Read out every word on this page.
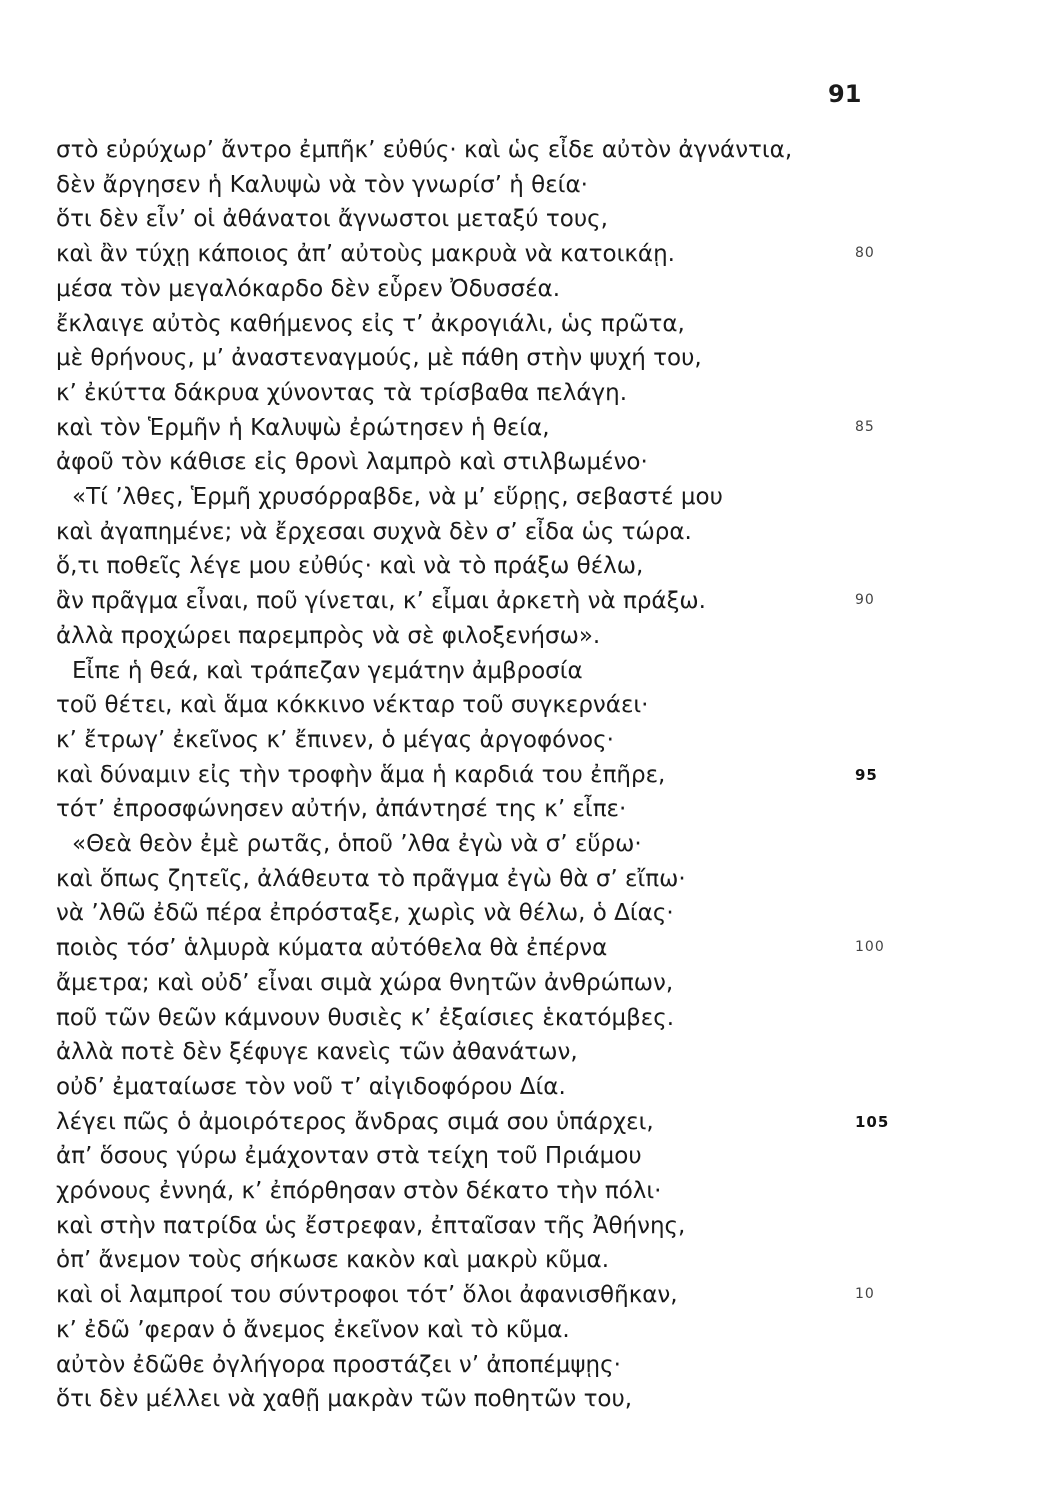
91
στὸ εὐρύχωρ’ ἄντρο ἐμπῆκ’ εὐθύς· καὶ ὡς εἶδε αὐτὸν ἀγνάντια,
δὲν ἄργησεν ἡ Καλυψὼ νὰ τὸν γνωρίσ’ ἡ θεία·
ὅτι δὲν εἶν’ οἱ ἀθάνατοι ἄγνωστοι μεταξύ τους,
καὶ ἂν τύχῃ κάποιος ἀπ’ αὐτοὺς μακρυὰ νὰ κατοικάῃ.	80
μέσα τὸν μεγαλόκαρδο δὲν εὗρεν Ὀδυσσέα.
ἔκλαιγε αὐτὸς καθήμενος εἰς τ’ ἀκρογιάλι, ὡς πρῶτα,
μὲ θρήνους, μ’ ἀναστεναγμούς, μὲ πάθη στὴν ψυχή του,
κ’ ἐκύττα δάκρυα χύνοντας τὰ τρίσβαθα πελάγη.
καὶ τὸν Ἑρμῆν ἡ Καλυψὼ ἐρώτησεν ἡ θεία,	85
ἀφοῦ τὸν κάθισε εἰς θρονὶ λαμπρὸ καὶ στιλβωμένο·
«Τί ’λθες, Ἑρμῆ χρυσόρραβδε, νὰ μ’ εὕρῃς, σεβαστέ μου
καὶ ἀγαπημένε; νὰ ἔρχεσαι συχνὰ δὲν σ’ εἶδα ὡς τώρα.
ὅ,τι ποθεῖς λέγε μου εὐθύς· καὶ νὰ τὸ πράξω θέλω,
ἂν πρᾶγμα εἶναι, ποῦ γίνεται, κ’ εἶμαι ἀρκετὴ νὰ πράξω.	90
ἀλλὰ προχώρει παρεμπρὸς νὰ σὲ φιλοξενήσω».
Εἶπε ἡ θεά, καὶ τράπεζαν γεμάτην ἀμβροσία
τοῦ θέτει, καὶ ἅμα κόκκινο νέκταρ τοῦ συγκερνάει·
κ’ ἔτρωγ’ ἐκεῖνος κ’ ἔπινεν, ὁ μέγας ἀργοφόνος·
καὶ δύναμιν εἰς τὴν τροφὴν ἅμα ἡ καρδιά του ἐπῆρε,	95
τότ’ ἐπροσφώνησεν αὐτήν, ἀπάντησέ της κ’ εἶπε·
«Θεὰ θεὸν ἐμὲ ρωτᾶς, ὁποῦ ’λθα ἐγὼ νὰ σ’ εὕρω·
καὶ ὅπως ζητεῖς, ἀλάθευτα τὸ πρᾶγμα ἐγὼ θὰ σ’ εἴπω·
νὰ ’λθῶ ἐδῶ πέρα ἐπρόσταξε, χωρὶς νὰ θέλω, ὁ Δίας·
ποιὸς τόσ’ ἁλμυρὰ κύματα αὐτόθελα θὰ ἐπέρνα	100
ἄμετρα; καὶ οὐδ’ εἶναι σιμὰ χώρα θνητῶν ἀνθρώπων,
ποῦ τῶν θεῶν κάμνουν θυσιὲς κ’ ἐξαίσιες ἑκατόμβες.
ἀλλὰ ποτὲ δὲν ξέφυγε κανεὶς τῶν ἀθανάτων,
οὐδ’ ἐματαίωσε τὸν νοῦ τ’ αἰγιδοφόρου Δία.
λέγει πῶς ὁ ἀμοιρότερος ἄνδρας σιμά σου ὑπάρχει,	105
ἀπ’ ὅσους γύρω ἐμάχονταν στὰ τείχη τοῦ Πριάμου
χρόνους ἐννηά, κ’ ἐπόρθησαν στὸν δέκατο τὴν πόλι·
καὶ στὴν πατρίδα ὡς ἔστρεφαν, ἐπταῖσαν τῆς Ἀθήνης,
ὁπ’ ἄνεμον τοὺς σήκωσε κακὸν καὶ μακρὺ κῦμα.
καὶ οἱ λαμπροί του σύντροφοι τότ’ ὅλοι ἀφανισθῆκαν,	10
κ’ ἐδῶ ’φεραν ὁ ἄνεμος ἐκεῖνον καὶ τὸ κῦμα.
αὐτὸν ἐδῶθε ὀγλήγορα προστάζει ν’ ἀποπέμψῃς·
ὅτι δὲν μέλλει νὰ χαθῇ μακρὰν τῶν ποθητῶν του,
